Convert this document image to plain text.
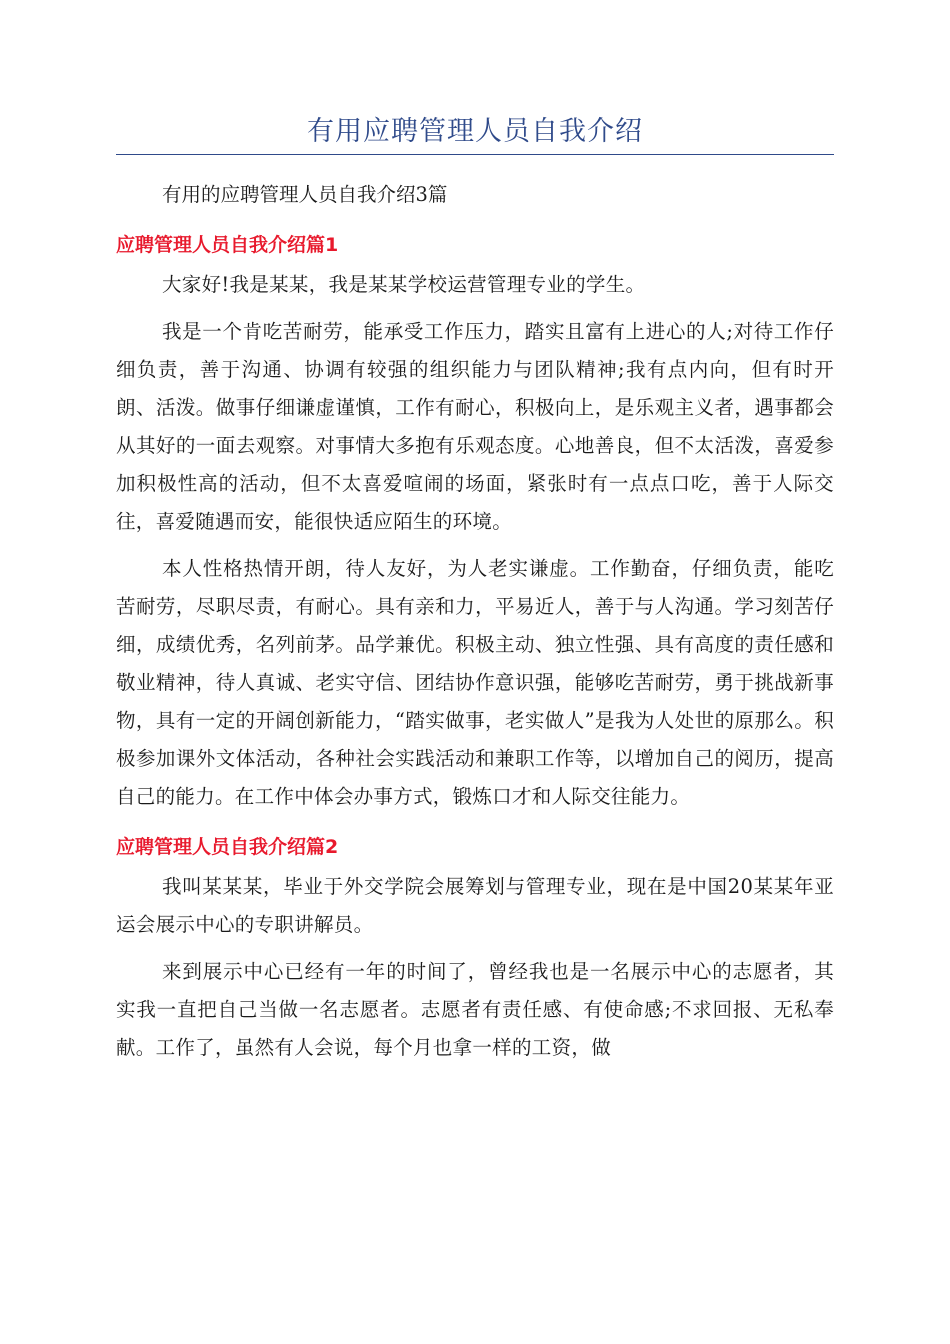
有用应聘管理人员自我介绍

有用的应聘管理人员自我介绍3篇

应聘管理人员自我介绍篇1

大家好!我是某某，我是某某学校运营管理专业的学生。

我是一个肯吃苦耐劳，能承受工作压力，踏实且富有上进心的人;对待工作仔细负责，善于沟通、协调有较强的组织能力与团队精神;我有点内向，但有时开朗、活泼。做事仔细谦虚谨慎，工作有耐心，积极向上，是乐观主义者，遇事都会从其好的一面去观察。对事情大多抱有乐观态度。心地善良，但不太活泼，喜爱参加积极性高的活动，但不太喜爱喧闹的场面，紧张时有一点点口吃，善于人际交往，喜爱随遇而安，能很快适应陌生的环境。

本人性格热情开朗，待人友好，为人老实谦虚。工作勤奋，仔细负责，能吃苦耐劳，尽职尽责，有耐心。具有亲和力，平易近人，善于与人沟通。学习刻苦仔细，成绩优秀，名列前茅。品学兼优。积极主动、独立性强、具有高度的责任感和敬业精神，待人真诚、老实守信、团结协作意识强，能够吃苦耐劳，勇于挑战新事物，具有一定的开阔创新能力，“踏实做事，老实做人”是我为人处世的原那么。积极参加课外文体活动，各种社会实践活动和兼职工作等，以增加自己的阅历，提高自己的能力。在工作中体会办事方式，锻炼口才和人际交往能力。

应聘管理人员自我介绍篇2

我叫某某某，毕业于外交学院会展筹划与管理专业，现在是中国20某某年亚运会展示中心的专职讲解员。

来到展示中心已经有一年的时间了，曾经我也是一名展示中心的志愿者，其实我一直把自己当做一名志愿者。志愿者有责任感、有使命感;不求回报、无私奉献。工作了，虽然有人会说，每个月也拿一样的工资，做
